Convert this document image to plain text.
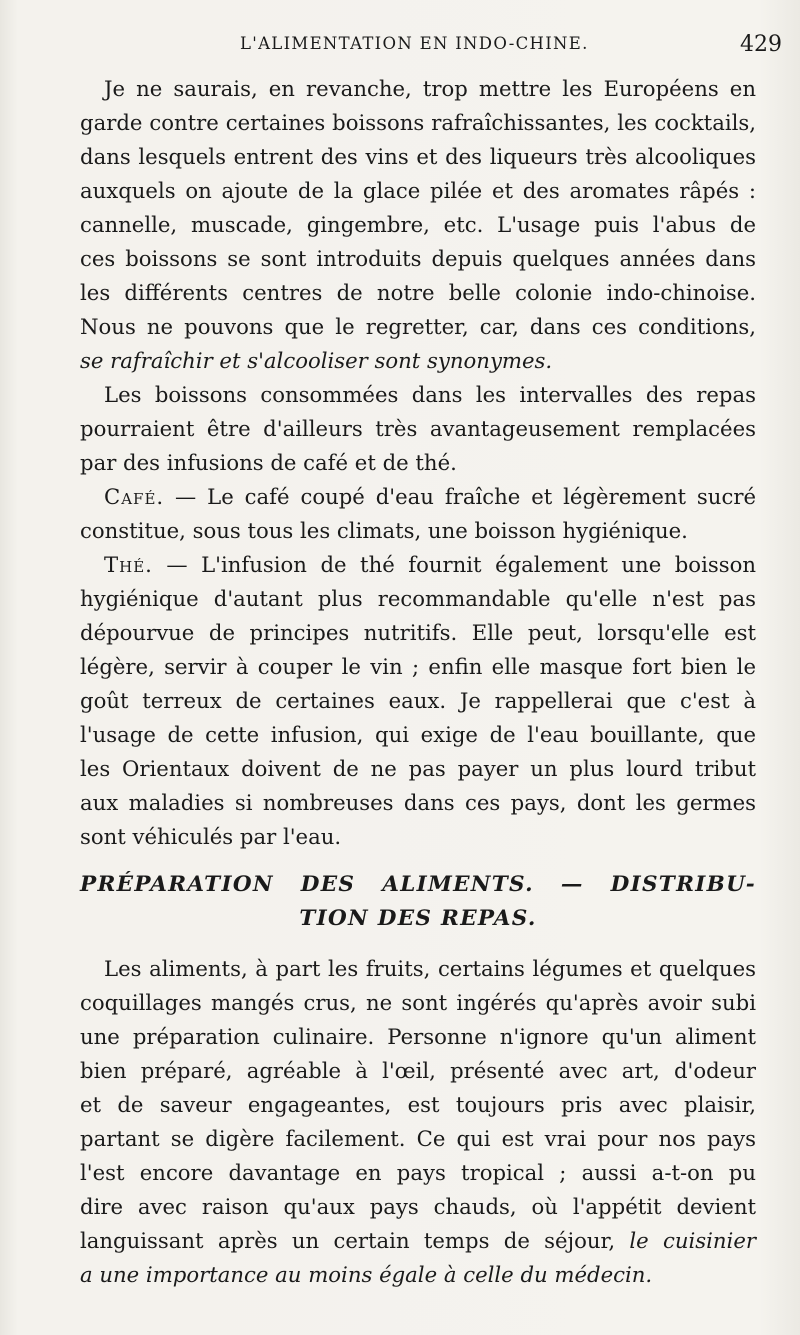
L'ALIMENTATION EN INDO-CHINE.	429
Je ne saurais, en revanche, trop mettre les Européens en
garde contre certaines boissons rafraîchissantes, les cocktails,
dans lesquels entrent des vins et des liqueurs très alcooliques
auxquels on ajoute de la glace pilée et des aromates râpés :
cannelle, muscade, gingembre, etc. L'usage puis l'abus de
ces boissons se sont introduits depuis quelques années dans
les différents centres de notre belle colonie indo-chinoise.
Nous ne pouvons que le regretter, car, dans ces conditions,
se rafraîchir et s'alcooliser sont synonymes.
Les boissons consommées dans les intervalles des repas
pourraient être d'ailleurs très avantageusement remplacées
par des infusions de café et de thé.
Café. — Le café coupé d'eau fraîche et légèrement sucré
constitue, sous tous les climats, une boisson hygiénique.
Thé. — L'infusion de thé fournit également une boisson
hygiénique d'autant plus recommandable qu'elle n'est pas
dépourvue de principes nutritifs. Elle peut, lorsqu'elle est
légère, servir à couper le vin ; enfin elle masque fort bien le
goût terreux de certaines eaux. Je rappellerai que c'est à
l'usage de cette infusion, qui exige de l'eau bouillante, que
les Orientaux doivent de ne pas payer un plus lourd tribut
aux maladies si nombreuses dans ces pays, dont les germes
sont véhiculés par l'eau.
PRÉPARATION DES ALIMENTS. — DISTRIBU-
TION DES REPAS.
Les aliments, à part les fruits, certains légumes et quelques
coquillages mangés crus, ne sont ingérés qu'après avoir subi
une préparation culinaire. Personne n'ignore qu'un aliment
bien préparé, agréable à l'œil, présenté avec art, d'odeur
et de saveur engageantes, est toujours pris avec plaisir,
partant se digère facilement. Ce qui est vrai pour nos pays
l'est encore davantage en pays tropical ; aussi a-t-on pu
dire avec raison qu'aux pays chauds, où l'appétit devient
languissant après un certain temps de séjour, le cuisinier
a une importance au moins égale à celle du médecin.
